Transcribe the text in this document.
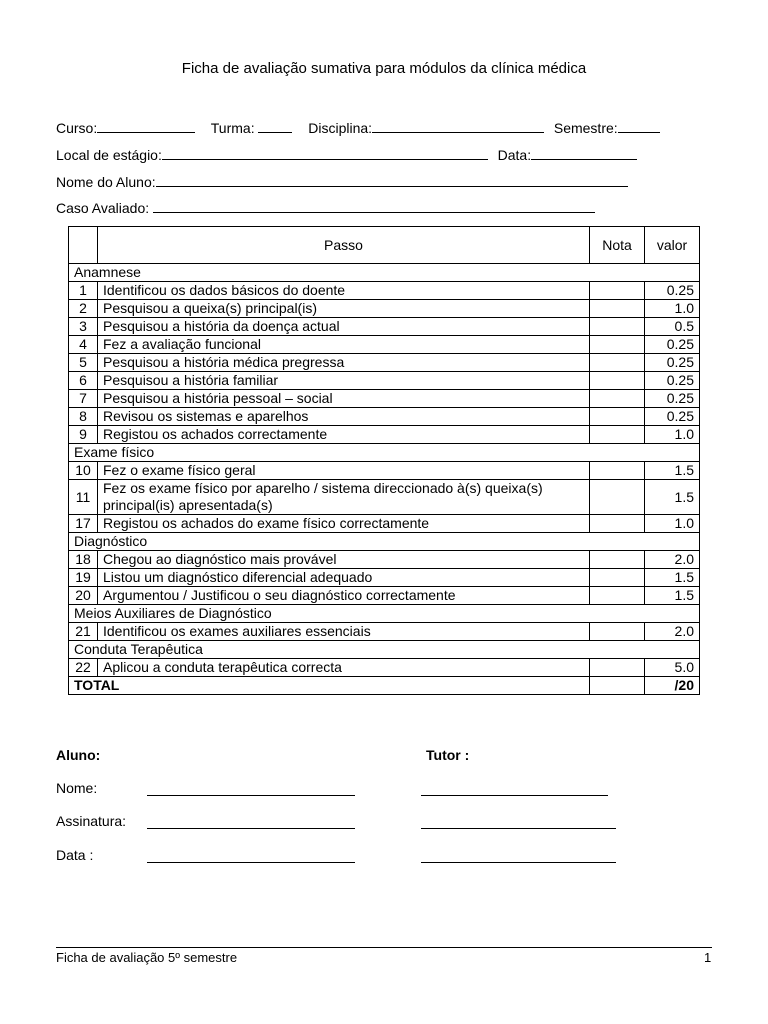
Ficha de avaliação sumativa para módulos da clínica médica
Curso:	Turma:	Disciplina:	Semestre:
Local de estágio:	Data:
Nome do Aluno:
Caso Avaliado:
	Passo	Nota	valor
Anamnese			
1	Identificou os dados básicos do doente		0.25
2	Pesquisou a queixa(s) principal(is)		1.0
3	Pesquisou a história da doença actual		0.5
4	Fez a avaliação funcional		0.25
5	Pesquisou a história médica pregressa		0.25
6	Pesquisou a história familiar		0.25
7	Pesquisou a história pessoal – social		0.25
8	Revisou os sistemas e aparelhos		0.25
9	Registou os achados correctamente		1.0
Exame físico			
10	Fez o exame físico geral		1.5
11	Fez os exame físico por aparelho / sistema direccionado à(s) queixa(s) principal(is) apresentada(s)		1.5
17	Registou os achados do exame físico correctamente		1.0
Diagnóstico			
18	Chegou ao diagnóstico mais provável		2.0
19	Listou um diagnóstico diferencial adequado		1.5
20	Argumentou / Justificou o seu diagnóstico correctamente		1.5
Meios Auxiliares de Diagnóstico			
21	Identificou os exames auxiliares essenciais		2.0
Conduta Terapêutica			
22	Aplicou a conduta terapêutica correcta		5.0
TOTAL			/20
Aluno:	Tutor :
Nome:
Assinatura:
Data :
Ficha de avaliação 5º semestre	1
